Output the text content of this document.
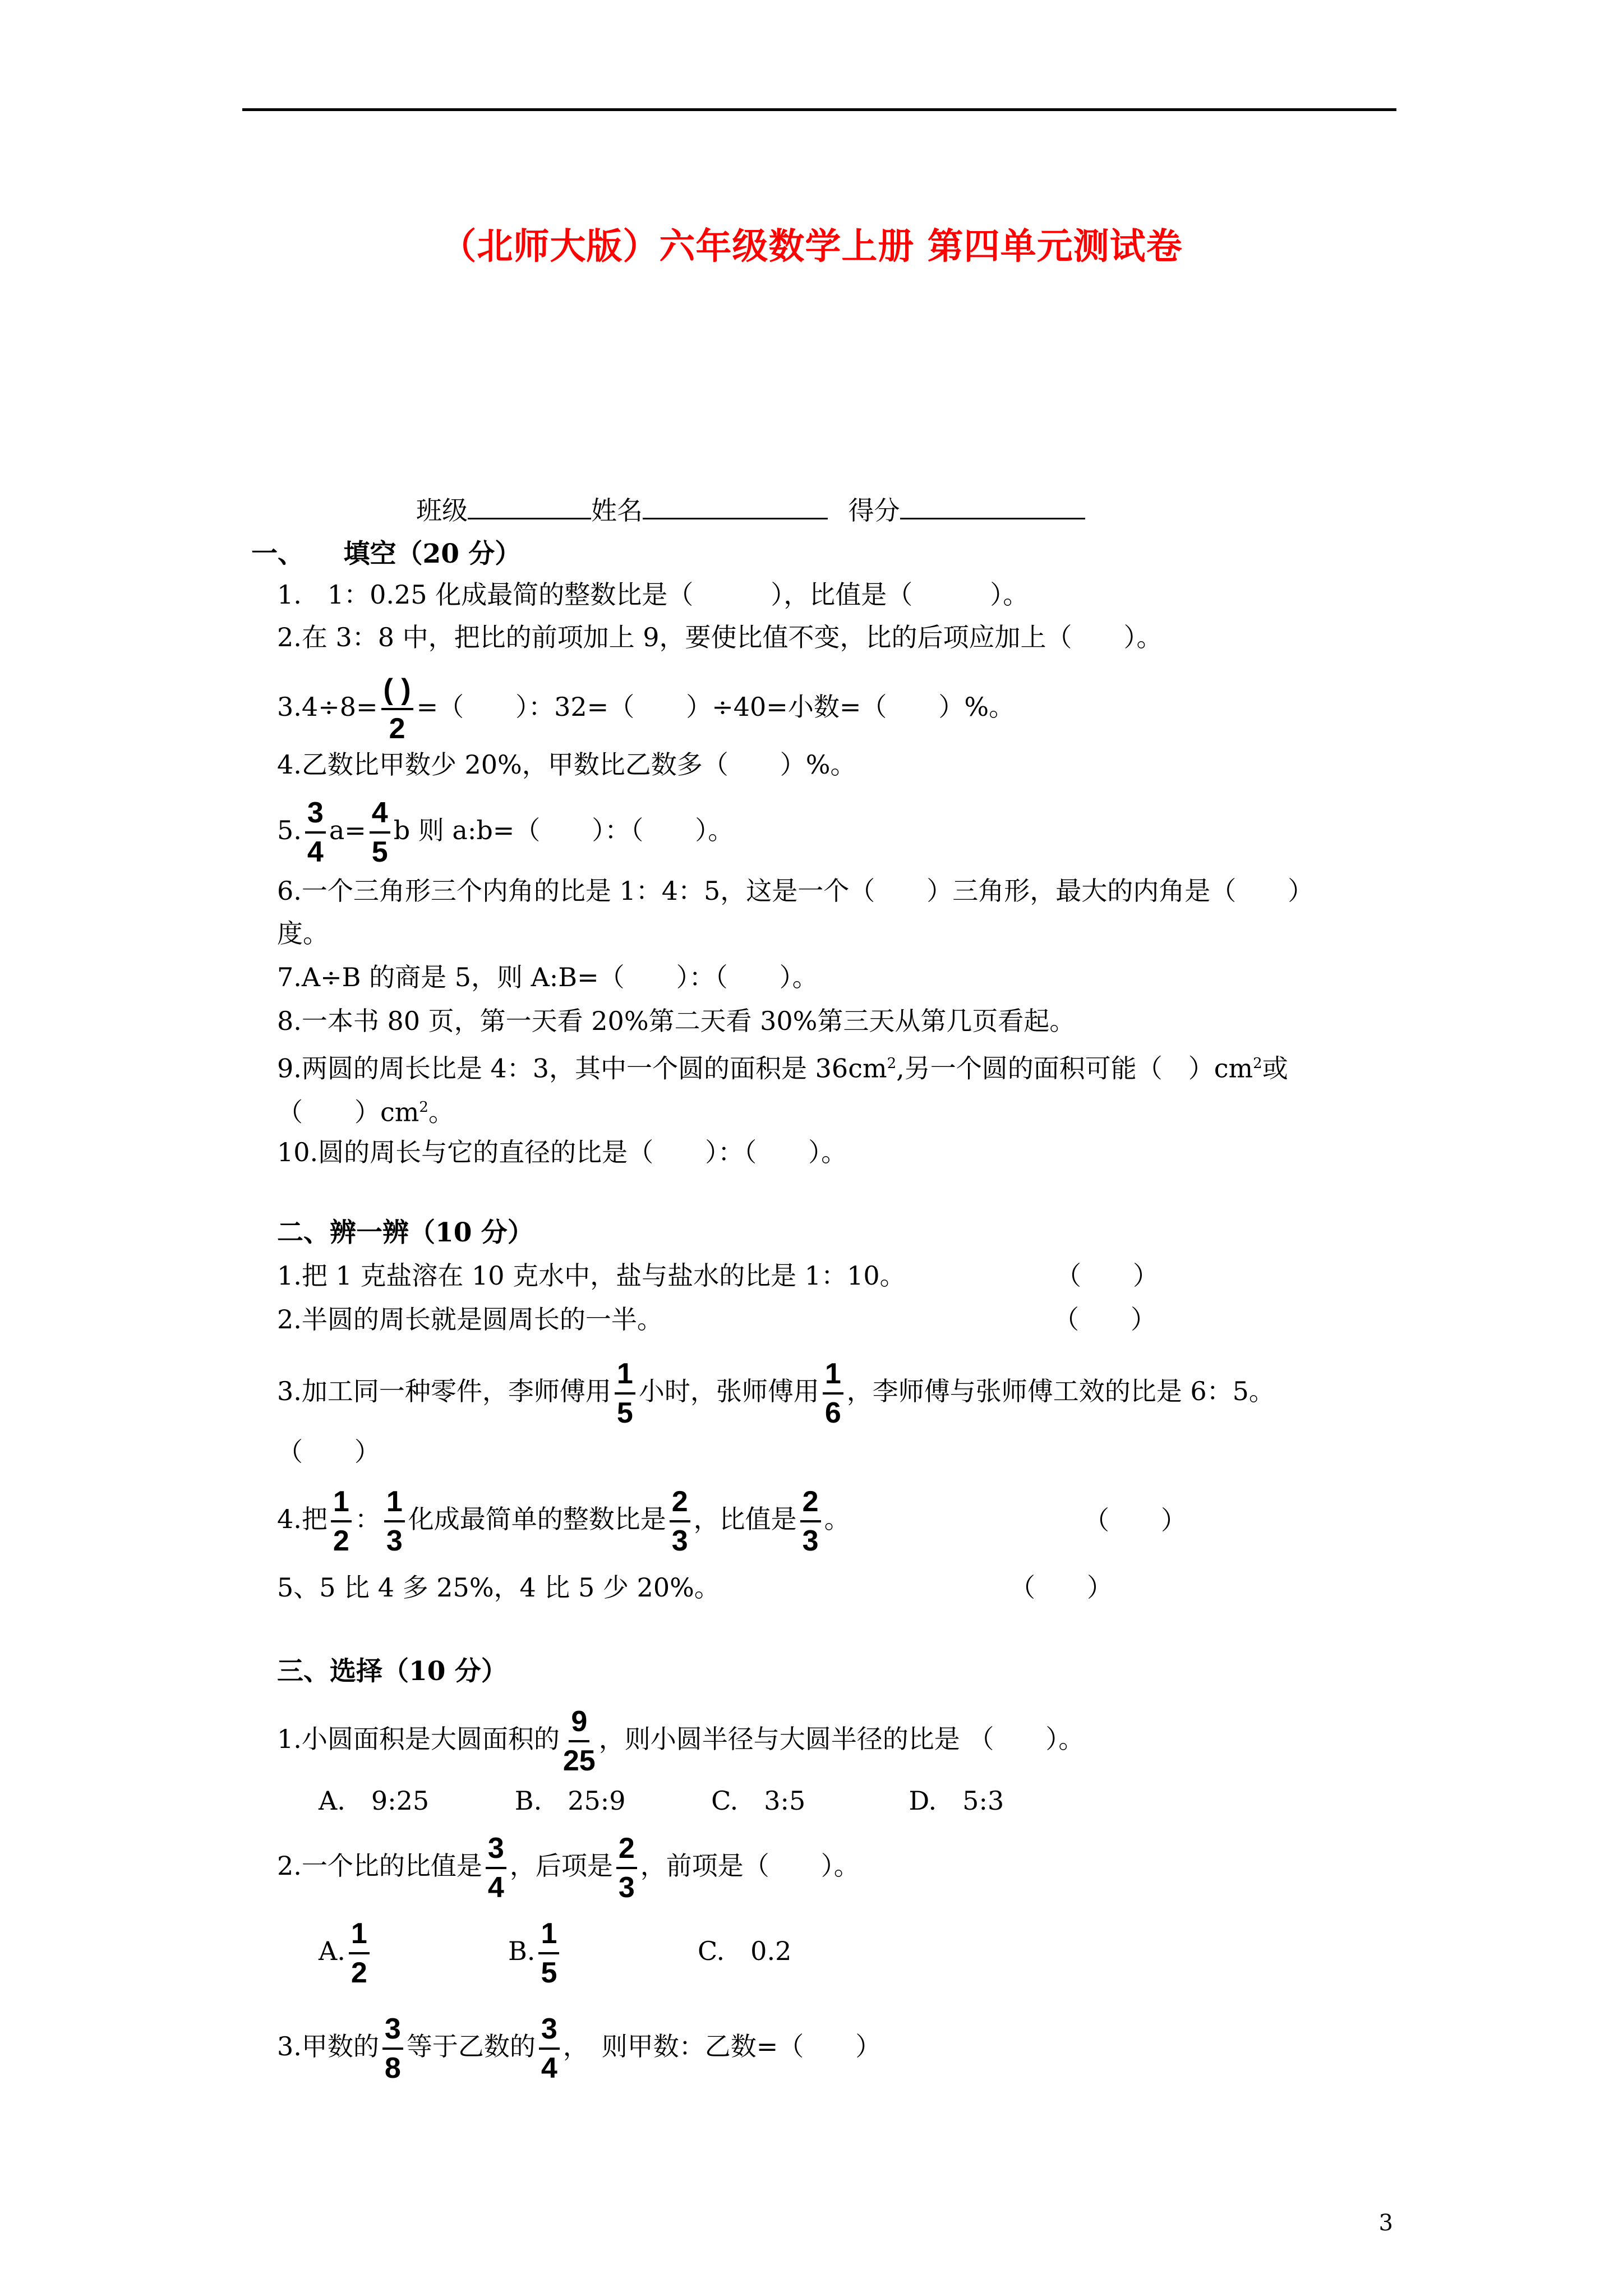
（北师大版）六年级数学上册 第四单元测试卷
班级	姓名	得分
一、　　填空（20 分）
1.　1：0.25 化成最简的整数比是（　　　），比值是（　　　）。
2.在 3：8 中，把比的前项加上 9，要使比值不变，比的后项应加上（　　）。
$3.4\div 8= \frac{( )}{2}$ =（　　）：32=（　　）÷40=小数=（　　）%。
4.乙数比甲数少 20%，甲数比乙数多（　　）%。
5. $\frac{3}{4} a= \frac{4}{5}$ b 则 a:b=（　　）：（　　）。
6.一个三角形三个内角的比是 1：4：5，这是一个（　　）三角形，最大的内角是（　　）
度。
7.A÷B 的商是 5，则 A:B=（　　）：（　　）。
8.一本书 80 页，第一天看 20%第二天看 30%第三天从第几页看起。
9.两圆的周长比是 4：3，其中一个圆的面积是 $36cm^2$,另一个圆的面积可能（　）$cm^2$或
（　　）$cm^2$。
10.圆的周长与它的直径的比是（　　）：（　　）。
二、辨一辨（10 分）
1.把 1 克盐溶在 10 克水中，盐与盐水的比是 1：10。	（　　）
2.半圆的周长就是圆周长的一半。	（　　）
3.加工同一种零件，李师傅用 $\frac{1}{5}$ 小时，张师傅用 $\frac{1}{6}$ ，李师傅与张师傅工效的比是 6：5。
（　　）
4.把 $\frac{1}{2}$ ： $\frac{1}{3}$ 化成最简单的整数比是 $\frac{2}{3}$ ，比值是 $\frac{2}{3}$ 。	（　　）
5、5 比 4 多 25%，4 比 5 少 20%。	（　　）
三、选择（10 分）
1.小圆面积是大圆面积的 $\frac{9}{25}$ ，则小圆半径与大圆半径的比是 （　　）。
A.　9:25　　　 B.　25:9　　　 C.　3:5　　　　D.　5:3
2.一个比的比值是 $\frac{3}{4}$ ，后项是 $\frac{2}{3}$ ，前项是（　　）。
A. $\frac{1}{2}$	B. $\frac{1}{5}$	C.　0.2
3.甲数的 $\frac{3}{8}$ 等于乙数的 $\frac{3}{4}$ ，　则甲数：乙数=（　　）
3
